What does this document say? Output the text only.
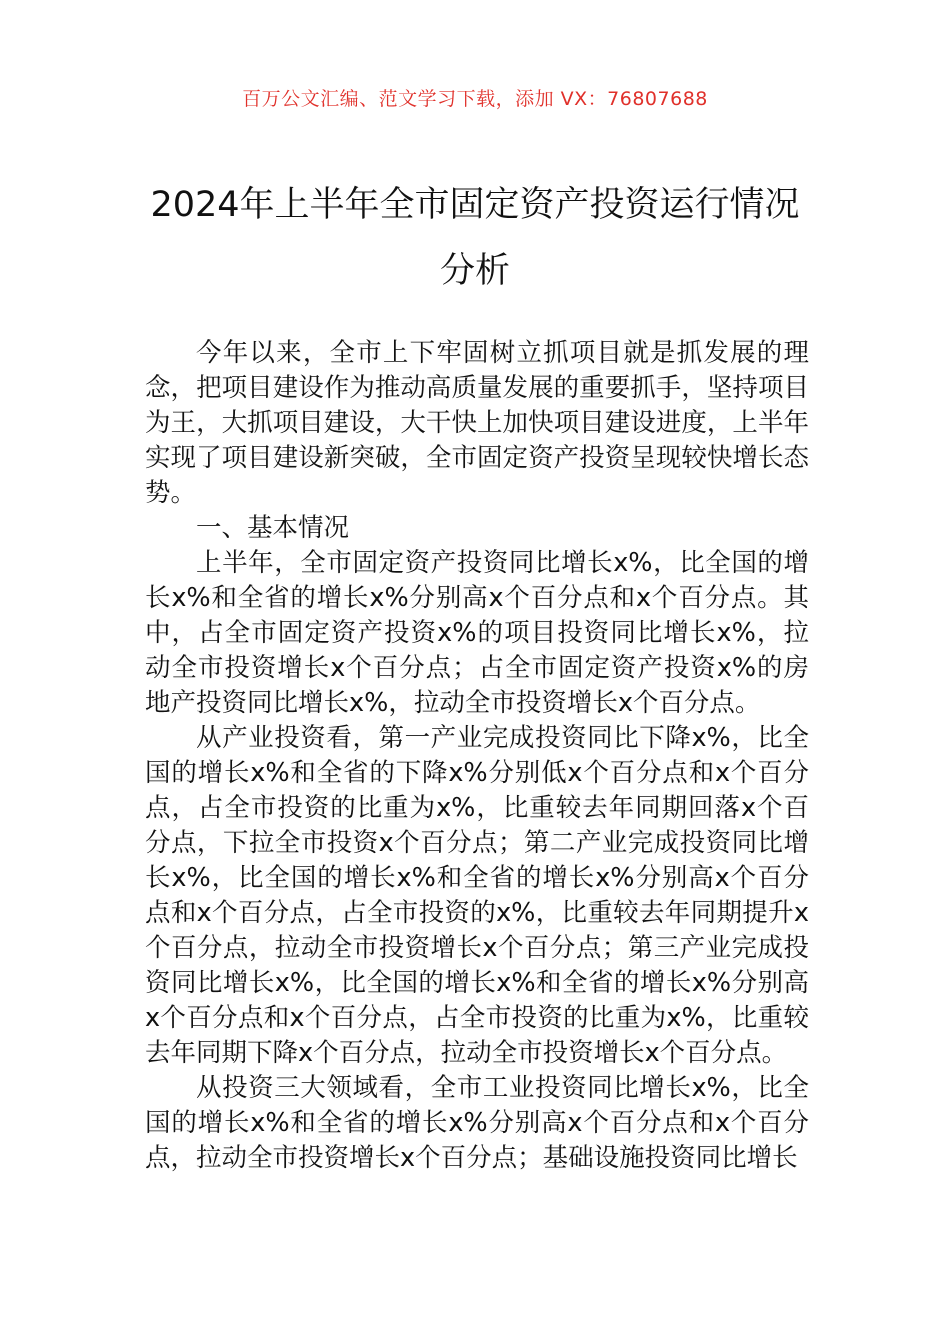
百万公文汇编、范文学习下载，添加 VX：76807688
2024年上半年全市固定资产投资运行情况
分析

今年以来，全市上下牢固树立抓项目就是抓发展的理念，把项目建设作为推动高质量发展的重要抓手，坚持项目为王，大抓项目建设，大干快上加快项目建设进度，上半年实现了项目建设新突破，全市固定资产投资呈现较快增长态势。

一、基本情况

上半年，全市固定资产投资同比增长x%，比全国的增长x%和全省的增长x%分别高x个百分点和x个百分点。其中，占全市固定资产投资x%的项目投资同比增长x%，拉动全市投资增长x个百分点；占全市固定资产投资x%的房地产投资同比增长x%，拉动全市投资增长x个百分点。

从产业投资看，第一产业完成投资同比下降x%，比全国的增长x%和全省的下降x%分别低x个百分点和x个百分点，占全市投资的比重为x%，比重较去年同期回落x个百分点，下拉全市投资x个百分点；第二产业完成投资同比增长x%，比全国的增长x%和全省的增长x%分别高x个百分点和x个百分点，占全市投资的x%，比重较去年同期提升x个百分点，拉动全市投资增长x个百分点；第三产业完成投资同比增长x%，比全国的增长x%和全省的增长x%分别高x个百分点和x个百分点，占全市投资的比重为x%，比重较去年同期下降x个百分点，拉动全市投资增长x个百分点。

从投资三大领域看，全市工业投资同比增长x%，比全国的增长x%和全省的增长x%分别高x个百分点和x个百分点，拉动全市投资增长x个百分点；基础设施投资同比增长
